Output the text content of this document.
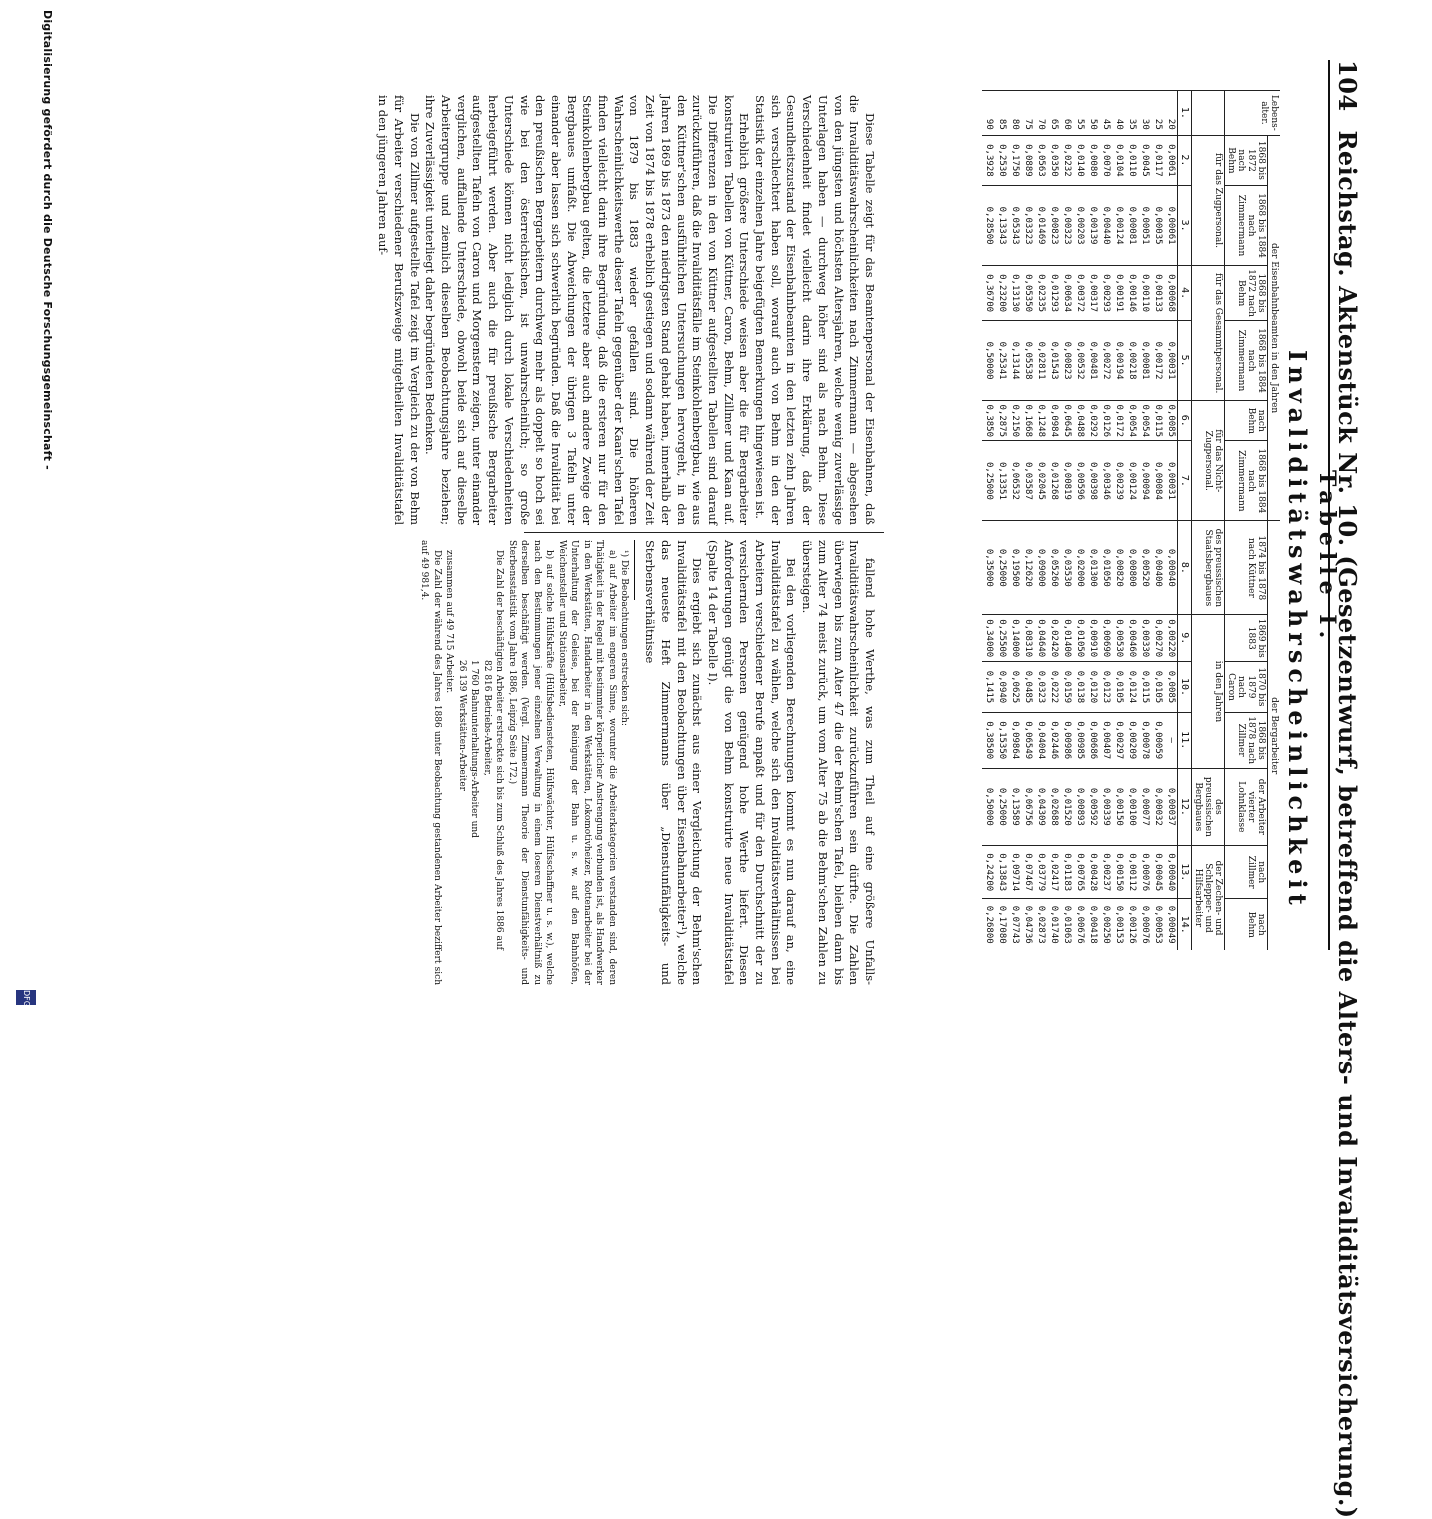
104 Reichstag. Aktenstück Nr. 10. (Gesetzentwurf, betreffend die Alters- und Invaliditätsversicherung.)
Tabelle I.
Invaliditätswahrscheinlichkeit
Lebens- alter.	der Eisenbahnbeamten in den Jahren						der Bergarbeiter						
	1868 bis 1872 nach Behm	1868 bis 1884 nach Zimmermann	1868 bis 1872 nach Behm	1868 bis 1884 nach Zimmermann	nach Behm	1868 bis 1884 nach Zimmermann	1874 bis 1878 nach Küttner	1869 bis 1883	1870 bis 1879 nach Caron	1868 bis 1878 nach Zillmer	der Arbeiter vierter Lohnklasse	nach Zillmer	nach Behm
	für das Zugpersonal.		für das Gesammtpersonal.		für das Nicht-Zugpersonal.		des preussischen Staatsbergbaues	in den Jahren			des preussischen Bergbaues	der Zechen- und Schlepper- und Hilfsarbeiter	
1.	2.	3.	4.	5.	6.	7.	8.	9.	10.	11.	12.	13.	14.
20	0,0061	0,00061	0,00068	0,00031	0,0085	0,00031	0,00040	0,00220	0,0085	—	0,00037	0,00040	0,00049
25	0,0117	0,00035	0,00133	0,00172	0,0115	0,00084	0,00400	0,00270	0,0105	0,00059	0,00032	0,00045	0,00053
30	0,0045	0,00051	0,00110	0,00081	0,0054	0,00094	0,00520	0,00330	0,0115	0,00078	0,00077	0,00076	0,00076
35	0,0110	0,00081	0,00146	0,00218	0,0054	0,00124	0,00800	0,00460	0,0124	0,00209	0,00100	0,00112	0,00126
40	0,0104	0,00124	0,00191	0,00194	0,0172	0,00239	0,00820	0,00530	0,0105	0,00297	0,00150	0,00150	0,00153
45	0,0070	0,00440	0,00293	0,00272	0,0126	0,00346	0,01050	0,00690	0,0123	0,00407	0,00339	0,00237	0,00250
50	0,0080	0,00139	0,00317	0,00481	0,0292	0,00398	0,01300	0,00910	0,0120	0,00686	0,00592	0,00428	0,00418
55	0,0140	0,00203	0,00372	0,00532	0,0488	0,00596	0,02000	0,01050	0,0138	0,00985	0,00893	0,00765	0,00676
60	0,0232	0,00323	0,00634	0,00823	0,0645	0,00819	0,03530	0,01400	0,0159	0,00986	0,01520	0,01183	0,01063
65	0,0350	0,00823	0,01293	0,01543	0,0984	0,01268	0,05260	0,02420	0,0222	0,02446	0,02688	0,02417	0,01740
70	0,0563	0,01469	0,02335	0,02811	0,1248	0,02045	0,09000	0,04640	0,0323	0,04004	0,04309	0,03779	0,02873
75	0,0889	0,03323	0,05350	0,05538	0,1668	0,03587	0,12620	0,08310	0,0485	0,06549	0,06756	0,07467	0,04736
80	0,1750	0,05343	0,13130	0,13144	0,2150	0,06532	0,19500	0,14000	0,0625	0,09864	0,13589	0,09714	0,07743
85	0,2530	0,13343	0,23200	0,25341	0,2875	0,13351	0,25000	0,25500	0,0940	0,15350	0,25000	0,13843	0,17080
90	0,3928	0,28500	0,36700	0,50000	0,3850	0,25000	0,35000	0,34000	0,1415	0,38500	0,50000	0,24200	0,26800

Diese Tabelle zeigt für das Beamtenpersonal der Eisenbahnen, daß die Invaliditätswahrscheinlichkeiten nach Zimmermann — abgesehen von den jüngsten und höchsten Altersjahren, welche wenig zuverlässige Unterlagen haben — durchweg höher sind als nach Behm. Diese Verschiedenheit findet vielleicht darin ihre Erklärung, daß der Gesundheitszustand der Eisenbahnbeamten in den letzten zehn Jahren sich verschlechtert haben soll, worauf auch von Behm in den der Statistik der einzelnen Jahre beigefügten Bemerkungen hingewiesen ist.

Erheblich größere Unterschiede weisen aber die für Bergarbeiter konstruirten Tabellen von Küttner, Caron, Behm, Zillmer und Kaan auf. Die Differenzen in den von Küttner aufgestellten Tabellen sind darauf zurückzuführen, daß die Invaliditätsfälle im Steinkohlenbergbau, wie aus den Küttner'schen ausführlichen Untersuchungen hervorgeht, in den Jahren 1869 bis 1873 den niedrigsten Stand gehabt haben, innerhalb der Zeit von 1874 bis 1878 erheblich gestiegen und sodann während der Zeit von 1879 bis 1883 wieder gefallen sind. Die höheren Wahrscheinlichkeitswerthe dieser Tafeln gegenüber der Kaan'schen Tafel finden vielleicht darin ihre Begründung, daß die ersteren nur für den Steinkohlenbergbau gelten, die letztere aber auch andere Zweige der Bergbaues umfaßt. Die Abweichungen der übrigen 3 Tafeln unter einander aber lassen sich schwerlich begründen. Daß die Invalidität bei den preußischen Bergarbeitern durchweg mehr als doppelt so hoch sei wie bei den österreichischen, ist unwahrscheinlich; so große Unterschiede können nicht lediglich durch lokale Verschiedenheiten herbeigeführt werden. Aber auch die für preußische Bergarbeiter aufgestellten Tafeln von Caron und Morgenstern zeigen, unter einander verglichen, auffallende Unterschiede, obwohl beide sich auf dieselbe Arbeitergruppe und ziemlich dieselben Beobachtungsjahre beziehen; ihre Zuverlässigkeit unterliegt daher begründeten Bedenken.

Die von Zillmer aufgestellte Tafel zeigt im Vergleich zu der von Behm für Arbeiter verschiedener Berufszweige mitgetheilten Invaliditätstafel in den jüngeren Jahren auf-

fallend hohe Werthe, was zum Theil auf eine größere Unfalls-Invaliditätswahrscheinlichkeit zurückzuführen sein dürfte. Die Zahlen überwiegen bis zum Alter 47 die der Behm'schen Tafel, bleiben dann bis zum Alter 74 meist zurück, um vom Alter 75 ab die Behm'schen Zahlen zu übersteigen.

Bei den vorliegenden Berechnungen kommt es nun darauf an, eine Invaliditätstafel zu wählen, welche sich den Invaliditätsverhältnissen bei Arbeitern verschiedener Berufe anpaßt und für den Durchschnitt der zu versichernden Personen genügend hohe Werthe liefert. Diesen Anforderungen genügt die von Behm konstruirte neue Invaliditätstafel (Spalte 14 der Tabelle I).

Dies ergiebt sich zunächst aus einer Vergleichung der Behm'schen Invaliditätstafel mit den Beobachtungen über Eisenbahnarbeiter¹), welche das neueste Heft Zimmermanns über „Dienstunfähigkeits- und Sterbensverhältnisse

¹) Die Beobachtungen erstrecken sich:

a) auf Arbeiter im engeren Sinne, worunter die Arbeiterkategorien verstanden sind, deren Thätigkeit in der Regel mit bestimmter körperlicher Anstrengung verbunden ist, als Handwerker in den Werkstätten, Handarbeiter in den Werkstätten, Lokomotivheizer, Rottenarbeiter bei der Unterhaltung der Geleise, bei der Reinigung der Bahn u. s. w. auf den Bahnhöfen, Weichensteller und Stationsarbeiter,

b) auf solche Hülfskräfte (Hülfsbediensteten, Hülfswächter, Hülfsschaffner u. s. w.), welche nach den Bestimmungen jener einzelnen Verwaltung in einem loseren Dienstverhältniß zu derselben beschäftigt werden. (Vergl. Zimmermann Theorie der Dienstunfähigkeits- und Sterbensstatistik vom Jahre 1886, Leipzig Seite 172.)

Die Zahl der beschäftigten Arbeiter erstreckte sich bis zum Schluß des Jahres 1886 auf

82 816 Betriebs-Arbeiter,

1 760 Bahnunterhaltungs-Arbeiter und

26 139 Werkstätten-Arbeiter

zusammen auf 49 715 Arbeiter.

Die Zahl der während des Jahres 1886 unter Beobachtung gestandenen Arbeiter beziffert sich auf 49 981,4.

Digitalisierung gefördert durch die Deutsche Forschungsgemeinschaft -
DFG
